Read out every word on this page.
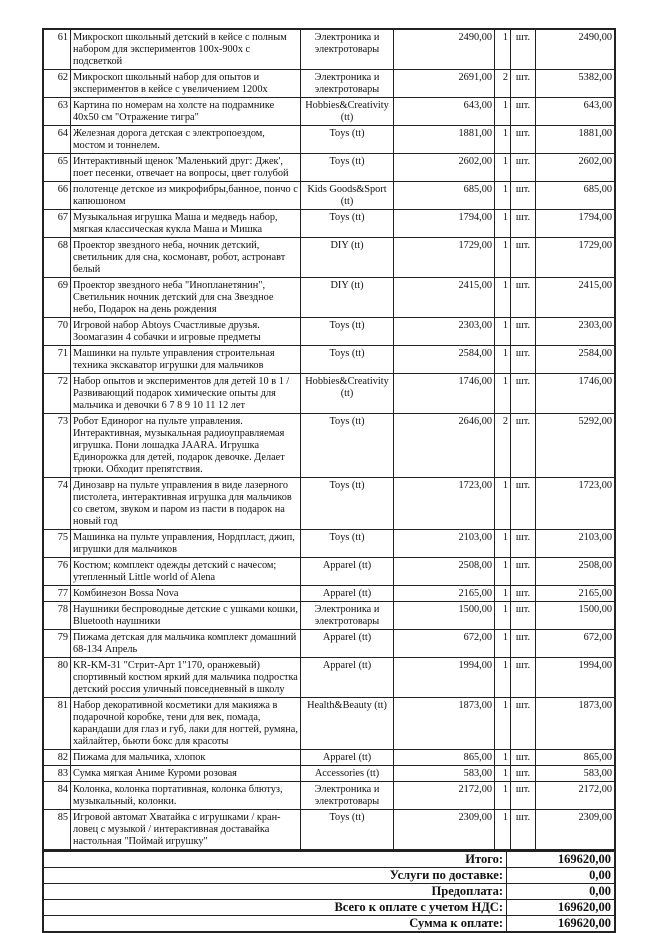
61	Микроскоп школьный детский в кейсе с полным набором для экспериментов 100х-900х с подсветкой	Электроника и электротовары	2490,00	1	шт.	2490,00
62	Микроскоп школьный набор для опытов и экспериментов в кейсе с увеличением 1200х	Электроника и электротовары	2691,00	2	шт.	5382,00
63	Картина по номерам на холсте на подрамнике 40х50 см "Отражение тигра"	Hobbies&Creativity (tt)	643,00	1	шт.	643,00
64	Железная дорога детская с электропоездом, мостом и тоннелем.	Toys (tt)	1881,00	1	шт.	1881,00
65	Интерактивный щенок 'Маленький друг: Джек', поет песенки, отвечает на вопросы, цвет голубой	Toys (tt)	2602,00	1	шт.	2602,00
66	полотенце детское из микрофибры,банное, пончо с капюшоном	Kids Goods&Sport (tt)	685,00	1	шт.	685,00
67	Музыкальная игрушка Маша и медведь набор, мягкая классическая кукла Маша и Мишка	Toys (tt)	1794,00	1	шт.	1794,00
68	Проектор звездного неба, ночник детский, светильник для сна, космонавт, робот, астронавт белый	DIY (tt)	1729,00	1	шт.	1729,00
69	Проектор звездного неба "Инопланетянин", Светильник ночник детский для сна Звездное небо, Подарок на день рождения	DIY (tt)	2415,00	1	шт.	2415,00
70	Игровой набор Abtoys Счастливые друзья. Зоомагазин 4 собачки и игровые предметы	Toys (tt)	2303,00	1	шт.	2303,00
71	Машинки на пульте управления строительная техника экскаватор игрушки для мальчиков	Toys (tt)	2584,00	1	шт.	2584,00
72	Набор опытов и экспериментов для детей 10 в 1 / Развивающий подарок химические опыты для мальчика и девочки 6 7 8 9 10 11 12 лет	Hobbies&Creativity (tt)	1746,00	1	шт.	1746,00
73	Робот Единорог на пульте управления. Интерактивная, музыкальная радиоуправляемая игрушка. Пони лошадка JAARA. Игрушка Единорожка для детей, подарок девочке. Делает трюки. Обходит препятствия.	Toys (tt)	2646,00	2	шт.	5292,00
74	Динозавр на пульте управления в виде лазерного пистолета, интерактивная игрушка для мальчиков со светом, звуком и паром из пасти в подарок на новый год	Toys (tt)	1723,00	1	шт.	1723,00
75	Машинка на пульте управления, Нордпласт, джип, игрушки для мальчиков	Toys (tt)	2103,00	1	шт.	2103,00
76	Костюм; комплект одежды детский с начесом; утепленный Little world of Alena	Apparel (tt)	2508,00	1	шт.	2508,00
77	Комбинезон Bossa Nova	Apparel (tt)	2165,00	1	шт.	2165,00
78	Наушники беспроводные детские с ушками кошки, Bluetooth наушники	Электроника и электротовары	1500,00	1	шт.	1500,00
79	Пижама детская для мальчика комплект домашний 68-134 Апрель	Apparel (tt)	672,00	1	шт.	672,00
80	KR-KM-31 "Стрит-Арт 1"170, оранжевый) спортивный костюм яркий для мальчика подростка детский россия уличный повседневный в школу	Apparel (tt)	1994,00	1	шт.	1994,00
81	Набор декоративной косметики для макияжа в подарочной коробке, тени для век, помада, карандаши для глаз и губ, лаки для ногтей, румяна, хайлайтер, бьюти бокс для красоты	Health&Beauty (tt)	1873,00	1	шт.	1873,00
82	Пижама для мальчика, хлопок	Apparel (tt)	865,00	1	шт.	865,00
83	Сумка мягкая Аниме Куроми розовая	Accessories (tt)	583,00	1	шт.	583,00
84	Колонка, колонка портативная, колонка блютуз, музыкальный, колонки.	Электроника и электротовары	2172,00	1	шт.	2172,00
85	Игровой автомат Хватайка с игрушками / кран-ловец с музыкой / интерактивная доставайка настольная "Поймай игрушку"	Toys (tt)	2309,00	1	шт.	2309,00
Итого:	169620,00
Услуги по доставке:	0,00
Предоплата:	0,00
Всего к оплате с учетом НДС:	169620,00
Сумма к оплате:	169620,00
